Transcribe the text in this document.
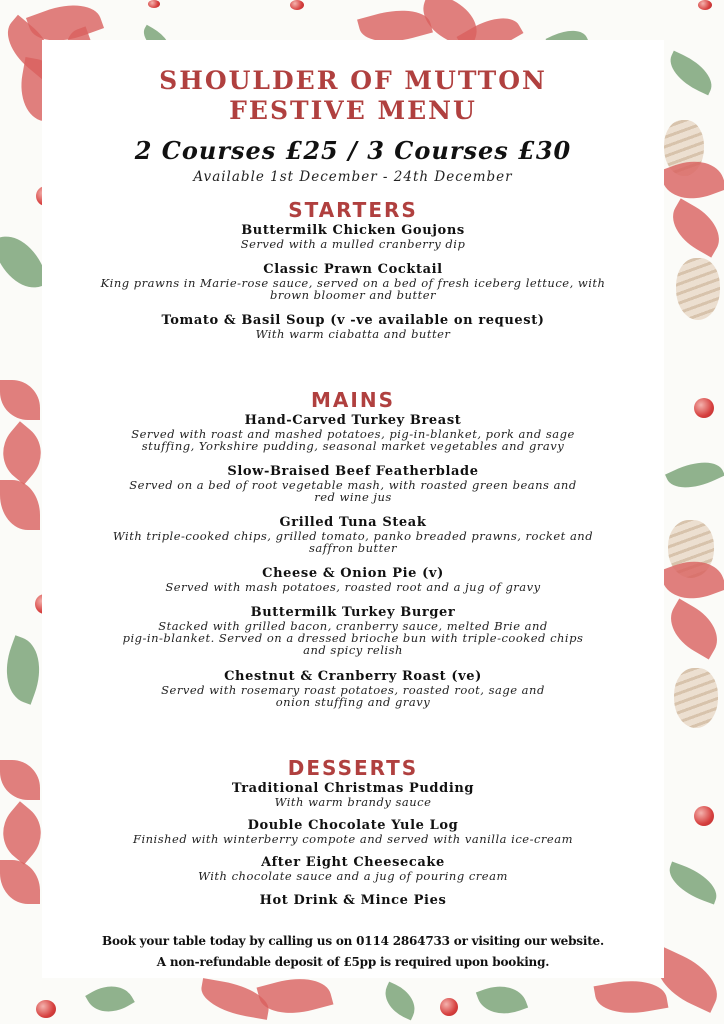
SHOULDER OF MUTTON
FESTIVE MENU
2 Courses £25 / 3 Courses £30
Available 1st December - 24th December
STARTERS
Buttermilk Chicken Goujons
Served with a mulled cranberry dip
Classic Prawn Cocktail
King prawns in Marie-rose sauce, served on a bed of fresh iceberg lettuce, with
brown bloomer and butter
Tomato & Basil Soup (v -ve available on request)
With warm ciabatta and butter
MAINS
Hand-Carved Turkey Breast
Served with roast and mashed potatoes, pig-in-blanket, pork and sage
stuffing, Yorkshire pudding, seasonal market vegetables and gravy
Slow-Braised Beef Featherblade
Served on a bed of root vegetable mash, with roasted green beans and
red wine jus
Grilled Tuna Steak
With triple-cooked chips, grilled tomato, panko breaded prawns, rocket and
saffron butter
Cheese & Onion Pie (v)
Served with mash potatoes, roasted root and a jug of gravy
Buttermilk Turkey Burger
Stacked with grilled bacon, cranberry sauce, melted Brie and
pig-in-blanket. Served on a dressed brioche bun with triple-cooked chips
and spicy relish
Chestnut & Cranberry Roast (ve)
Served with rosemary roast potatoes, roasted root, sage and
onion stuffing and gravy
DESSERTS
Traditional Christmas Pudding
With warm brandy sauce
Double Chocolate Yule Log
Finished with winterberry compote and served with vanilla ice-cream
After Eight Cheesecake
With chocolate sauce and a jug of pouring cream
Hot Drink & Mince Pies
Book your table today by calling us on 0114 2864733 or visiting our website.
A non-refundable deposit of £5pp is required upon booking.
